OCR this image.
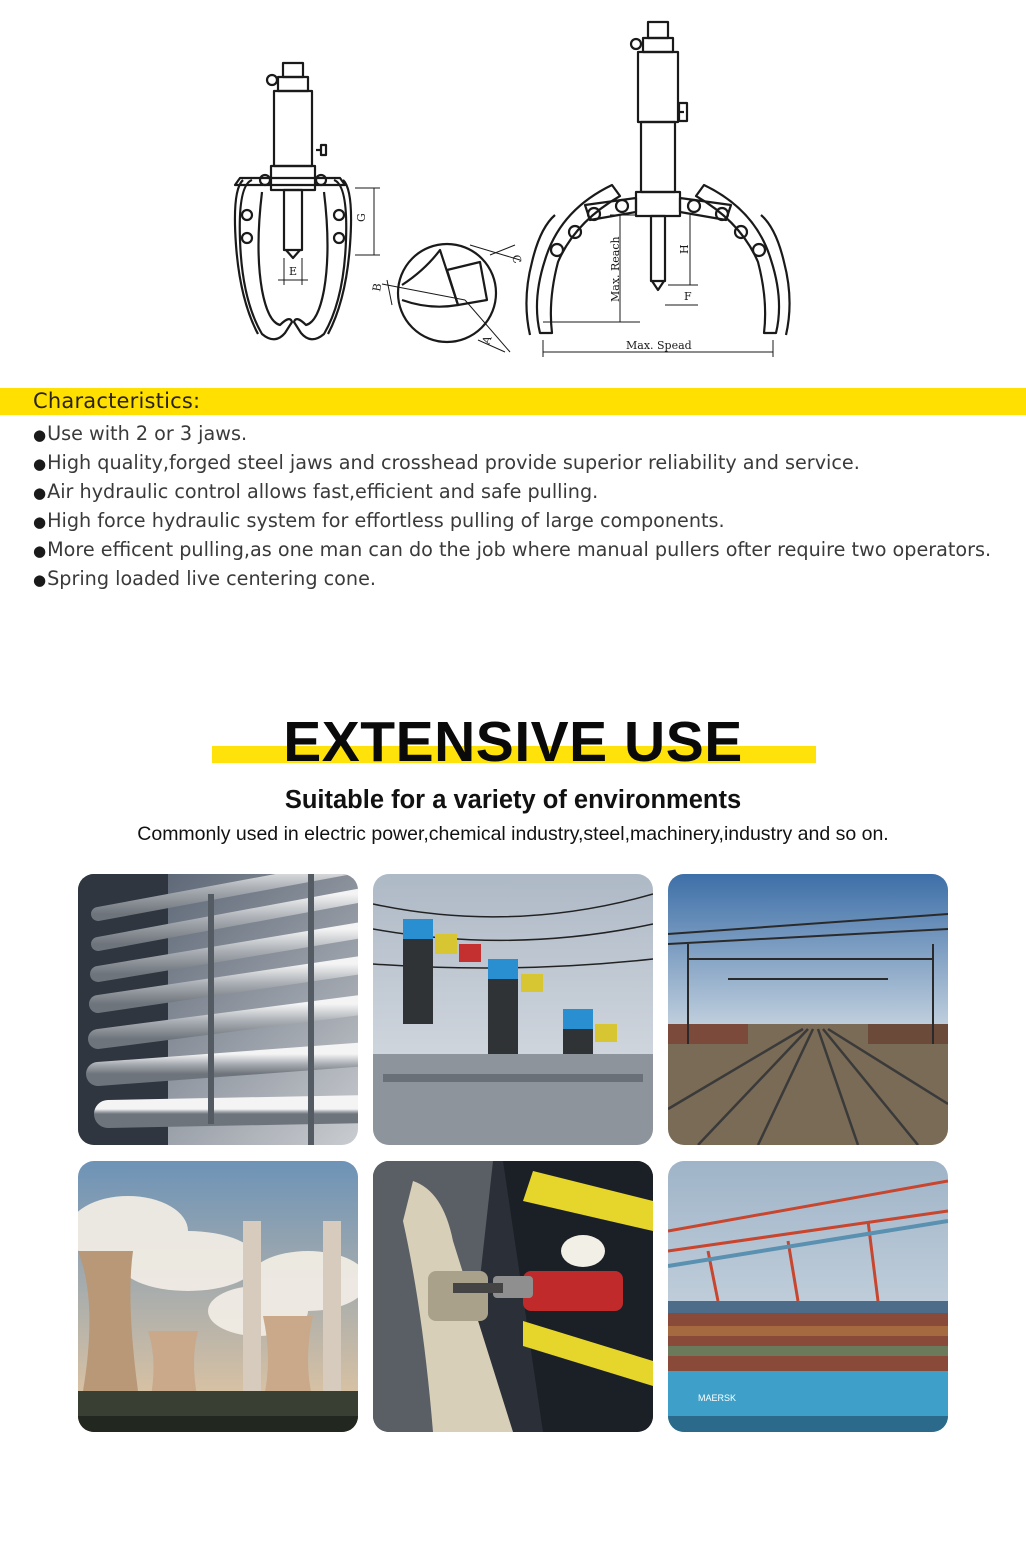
G
E
C
B
A
Max. Reach	H
F
Max. Spead
Characteristics:
●Use with 2 or 3 jaws.
●High quality,forged steel jaws and crosshead provide superior reliability and service.
●Air hydraulic control allows fast,efficient and safe pulling.
●High force hydraulic system for effortless pulling of large components.
●More efficent pulling,as one man can do the job where manual pullers ofter require two operators.
●Spring loaded live centering cone.
EXTENSIVE USE
Suitable for a variety of environments
Commonly used in electric power,chemical industry,steel,machinery,industry and so on.
MAERSK
